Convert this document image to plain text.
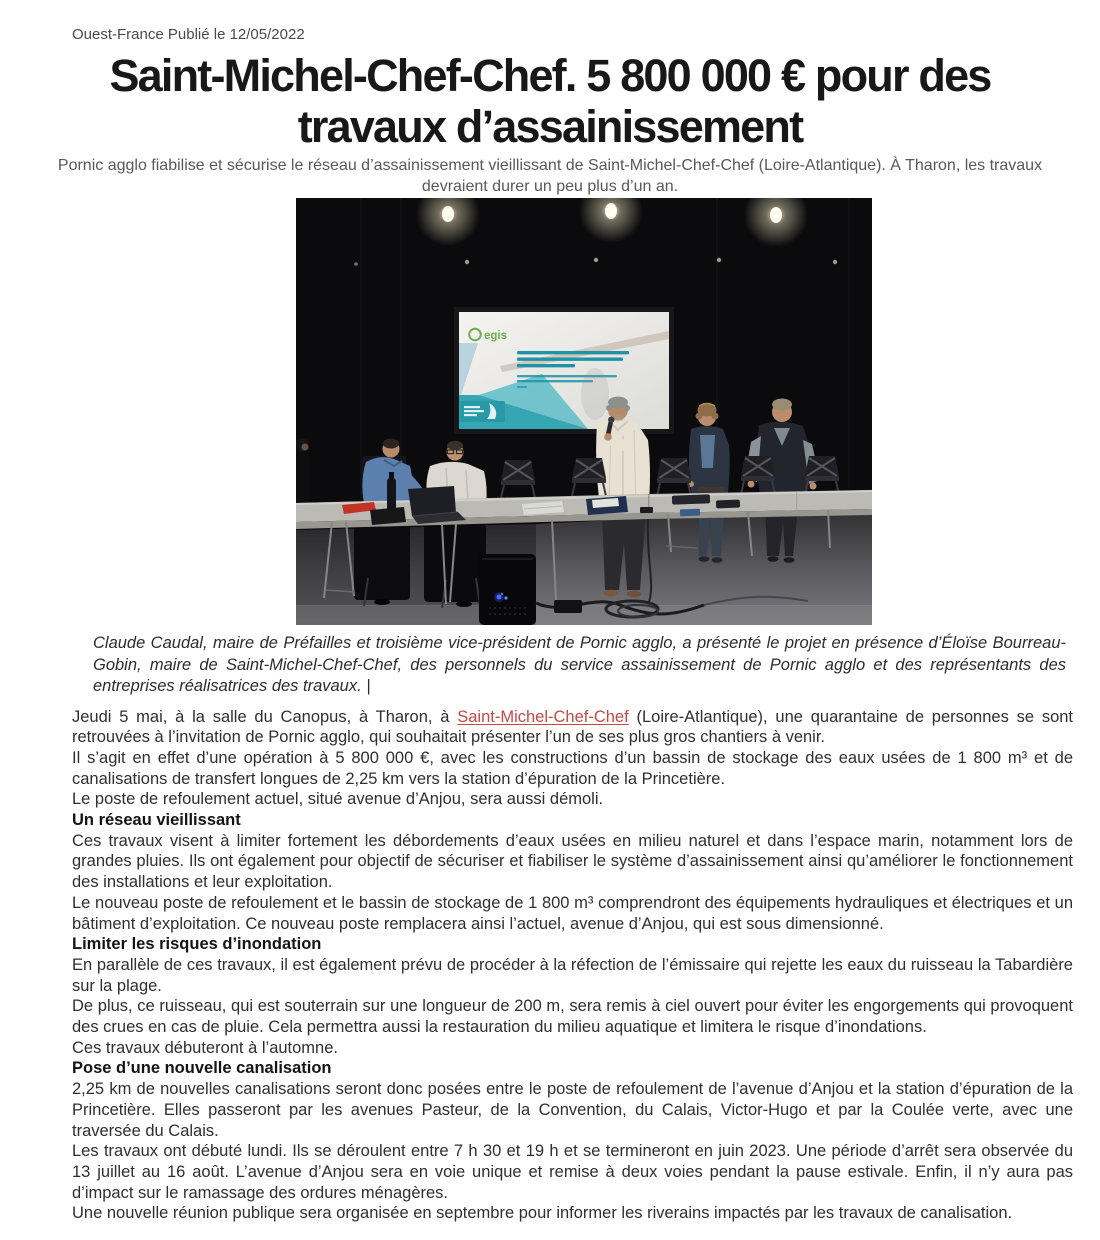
Ouest-France Publié le 12/05/2022
Saint-Michel-Chef-Chef. 5 800 000 € pour des
travaux d’assainissement

Pornic agglo fiabilise et sécurise le réseau d’assainissement vieillissant de Saint-Michel-Chef-Chef (Loire-Atlantique). À Tharon, les travaux devraient durer un peu plus d’un an.

egis

Claude Caudal, maire de Préfailles et troisième vice-président de Pornic agglo, a présenté le projet en présence d’Éloïse Bourreau-Gobin, maire de Saint-Michel-Chef-Chef, des personnels du service assainissement de Pornic agglo et des représentants des entreprises réalisatrices des travaux. |

Jeudi 5 mai, à la salle du Canopus, à Tharon, à Saint-Michel-Chef-Chef (Loire-Atlantique), une quarantaine de personnes se sont retrouvées à l’invitation de Pornic agglo, qui souhaitait présenter l’un de ses plus gros chantiers à venir.

Il s’agit en effet d’une opération à 5 800 000 €, avec les constructions d’un bassin de stockage des eaux usées de 1 800 m³ et de canalisations de transfert longues de 2,25 km vers la station d’épuration de la Princetière.

Le poste de refoulement actuel, situé avenue d’Anjou, sera aussi démoli.

Un réseau vieillissant

Ces travaux visent à limiter fortement les débordements d’eaux usées en milieu naturel et dans l’espace marin, notamment lors de grandes pluies. Ils ont également pour objectif de sécuriser et fiabiliser le système d’assainissement ainsi qu’améliorer le fonctionnement des installations et leur exploitation.

Le nouveau poste de refoulement et le bassin de stockage de 1 800 m³ comprendront des équipements hydrauliques et électriques et un bâtiment d’exploitation. Ce nouveau poste remplacera ainsi l’actuel, avenue d’Anjou, qui est sous dimensionné.

Limiter les risques d’inondation

En parallèle de ces travaux, il est également prévu de procéder à la réfection de l’émissaire qui rejette les eaux du ruisseau la Tabardière sur la plage.

De plus, ce ruisseau, qui est souterrain sur une longueur de 200 m, sera remis à ciel ouvert pour éviter les engorgements qui provoquent des crues en cas de pluie. Cela permettra aussi la restauration du milieu aquatique et limitera le risque d’inondations.

Ces travaux débuteront à l’automne.

Pose d’une nouvelle canalisation

2,25 km de nouvelles canalisations seront donc posées entre le poste de refoulement de l’avenue d’Anjou et la station d’épuration de la Princetière. Elles passeront par les avenues Pasteur, de la Convention, du Calais, Victor-Hugo et par la Coulée verte, avec une traversée du Calais.

Les travaux ont débuté lundi. Ils se déroulent entre 7 h 30 et 19 h et se termineront en juin 2023. Une période d’arrêt sera observée du 13 juillet au 16 août. L’avenue d’Anjou sera en voie unique et remise à deux voies pendant la pause estivale. Enfin, il n’y aura pas d’impact sur le ramassage des ordures ménagères.

Une nouvelle réunion publique sera organisée en septembre pour informer les riverains impactés par les travaux de canalisation.
